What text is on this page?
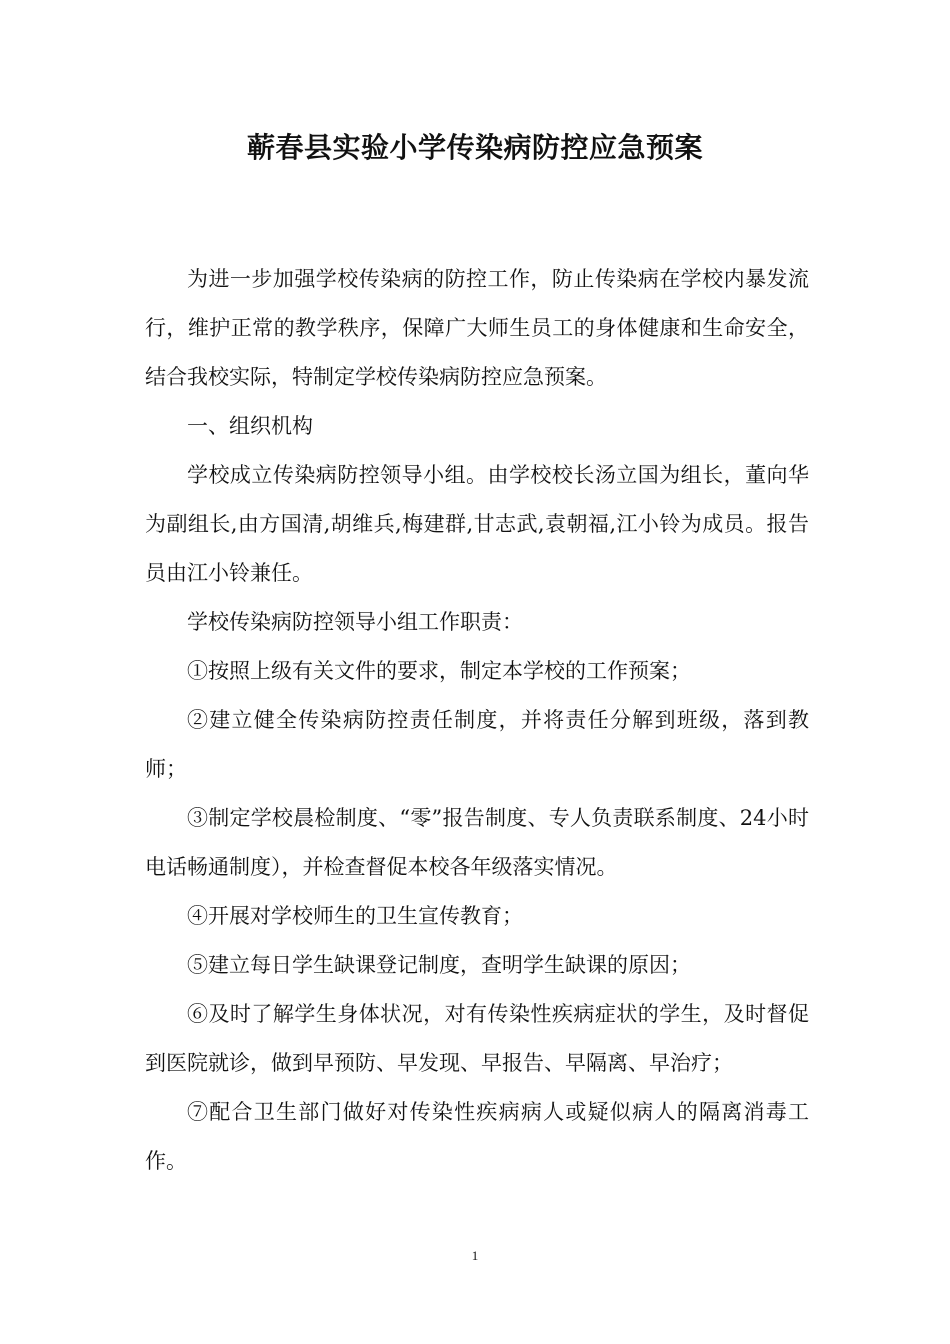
蕲春县实验小学传染病防控应急预案

为进一步加强学校传染病的防控工作，防止传染病在学校内暴发流行，维护正常的教学秩序，保障广大师生员工的身体健康和生命安全，结合我校实际，特制定学校传染病防控应急预案。

一、组织机构

学校成立传染病防控领导小组。由学校校长汤立国为组长，董向华为副组长,由方国清,胡维兵,梅建群,甘志武,袁朝福,江小铃为成员。报告员由江小铃兼任。

学校传染病防控领导小组工作职责：

①按照上级有关文件的要求，制定本学校的工作预案；

②建立健全传染病防控责任制度，并将责任分解到班级，落到教师；

③制定学校晨检制度、“零”报告制度、专人负责联系制度、24小时电话畅通制度），并检查督促本校各年级落实情况。

④开展对学校师生的卫生宣传教育；

⑤建立每日学生缺课登记制度，查明学生缺课的原因；

⑥及时了解学生身体状况，对有传染性疾病症状的学生，及时督促到医院就诊，做到早预防、早发现、早报告、早隔离、早治疗；

⑦配合卫生部门做好对传染性疾病病人或疑似病人的隔离消毒工作。

1
